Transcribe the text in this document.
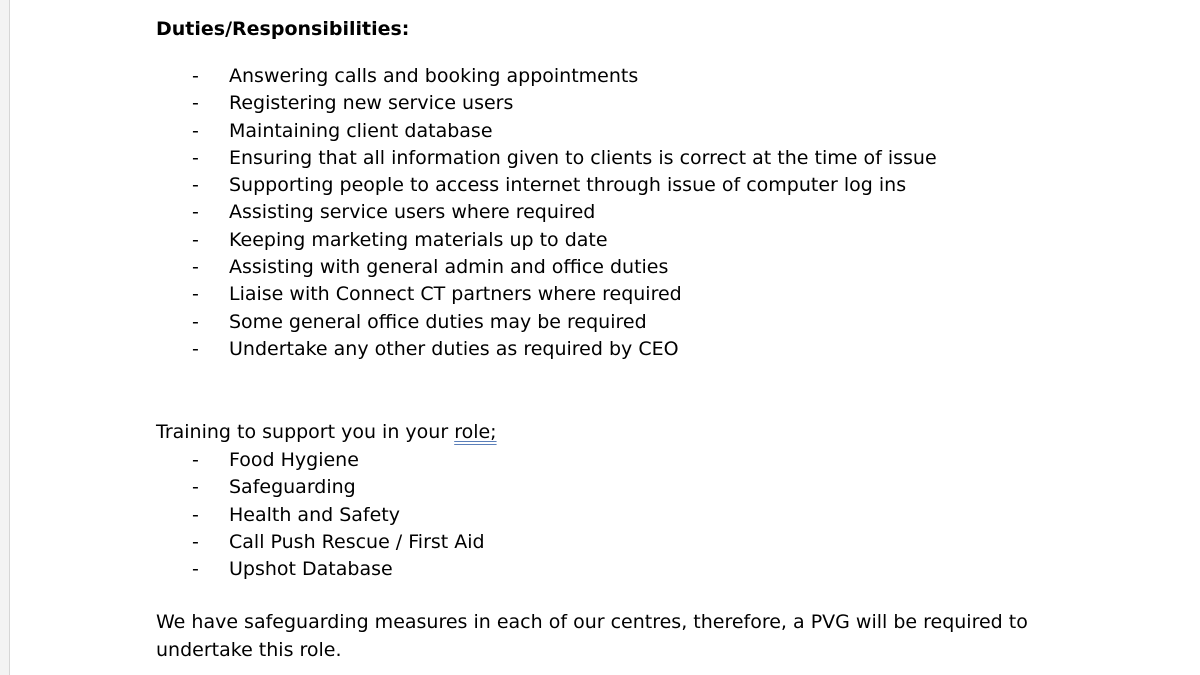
Duties/Responsibilities:
- Answering calls and booking appointments
- Registering new service users
- Maintaining client database
- Ensuring that all information given to clients is correct at the time of issue
- Supporting people to access internet through issue of computer log ins
- Assisting service users where required
- Keeping marketing materials up to date
- Assisting with general admin and office duties
- Liaise with Connect CT partners where required
- Some general office duties may be required
- Undertake any other duties as required by CEO
Training to support you in your role;
- Food Hygiene
- Safeguarding
- Health and Safety
- Call Push Rescue / First Aid
- Upshot Database
We have safeguarding measures in each of our centres, therefore, a PVG will be required to
undertake this role.
